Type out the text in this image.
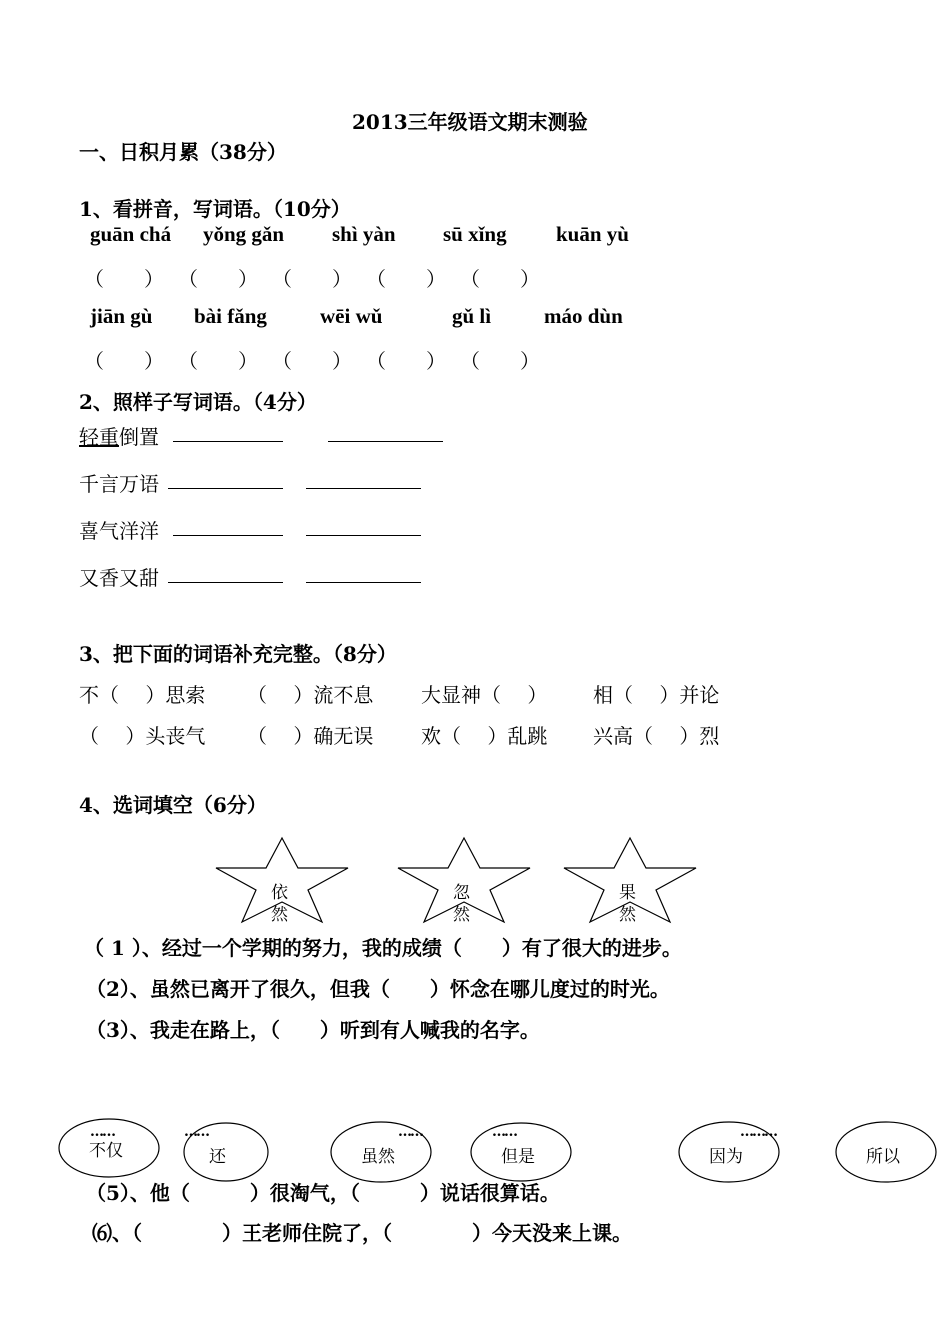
2013三年级语文期末测验
一、日积月累（38分）
1、看拼音，写词语。（10分）
guān chá yǒng gǎn shì yàn sū xǐng kuān yù
（　　） （　　） （　　） （　　） （　　）
jiān gù bài fǎng	wēi wǔ	gǔ lì	máo dùn
（　　） （　　） （　　） （　　） （　　）
2、照样子写词语。（4分）
轻重倒置
千言万语
喜气洋洋
又香又甜
3、把下面的词语补充完整。（8分）
不（　 ）思索 （　 ）流不息 大显神（　 ） 相（　 ）并论
（　 ）头丧气 （　 ）确无误 欢（　 ）乱跳 兴高（　 ）烈
4、选词填空（6分）
依
然
忽
然
果
然
（ 1 ）、经过一个学期的努力，我的成绩（　　）有了很大的进步。
（2）、虽然已离开了很久，但我（　　）怀念在哪儿度过的时光。
（3）、我走在路上，（　　）听到有人喊我的名字。
……	……	……	……	………
不仅	还	虽然	但是	因为	所以
（5）、他（　　　）很淘气，（　　　）说话很算话。
⑹、（　　　　）王老师住院了，（　　　　）今天没来上课。
